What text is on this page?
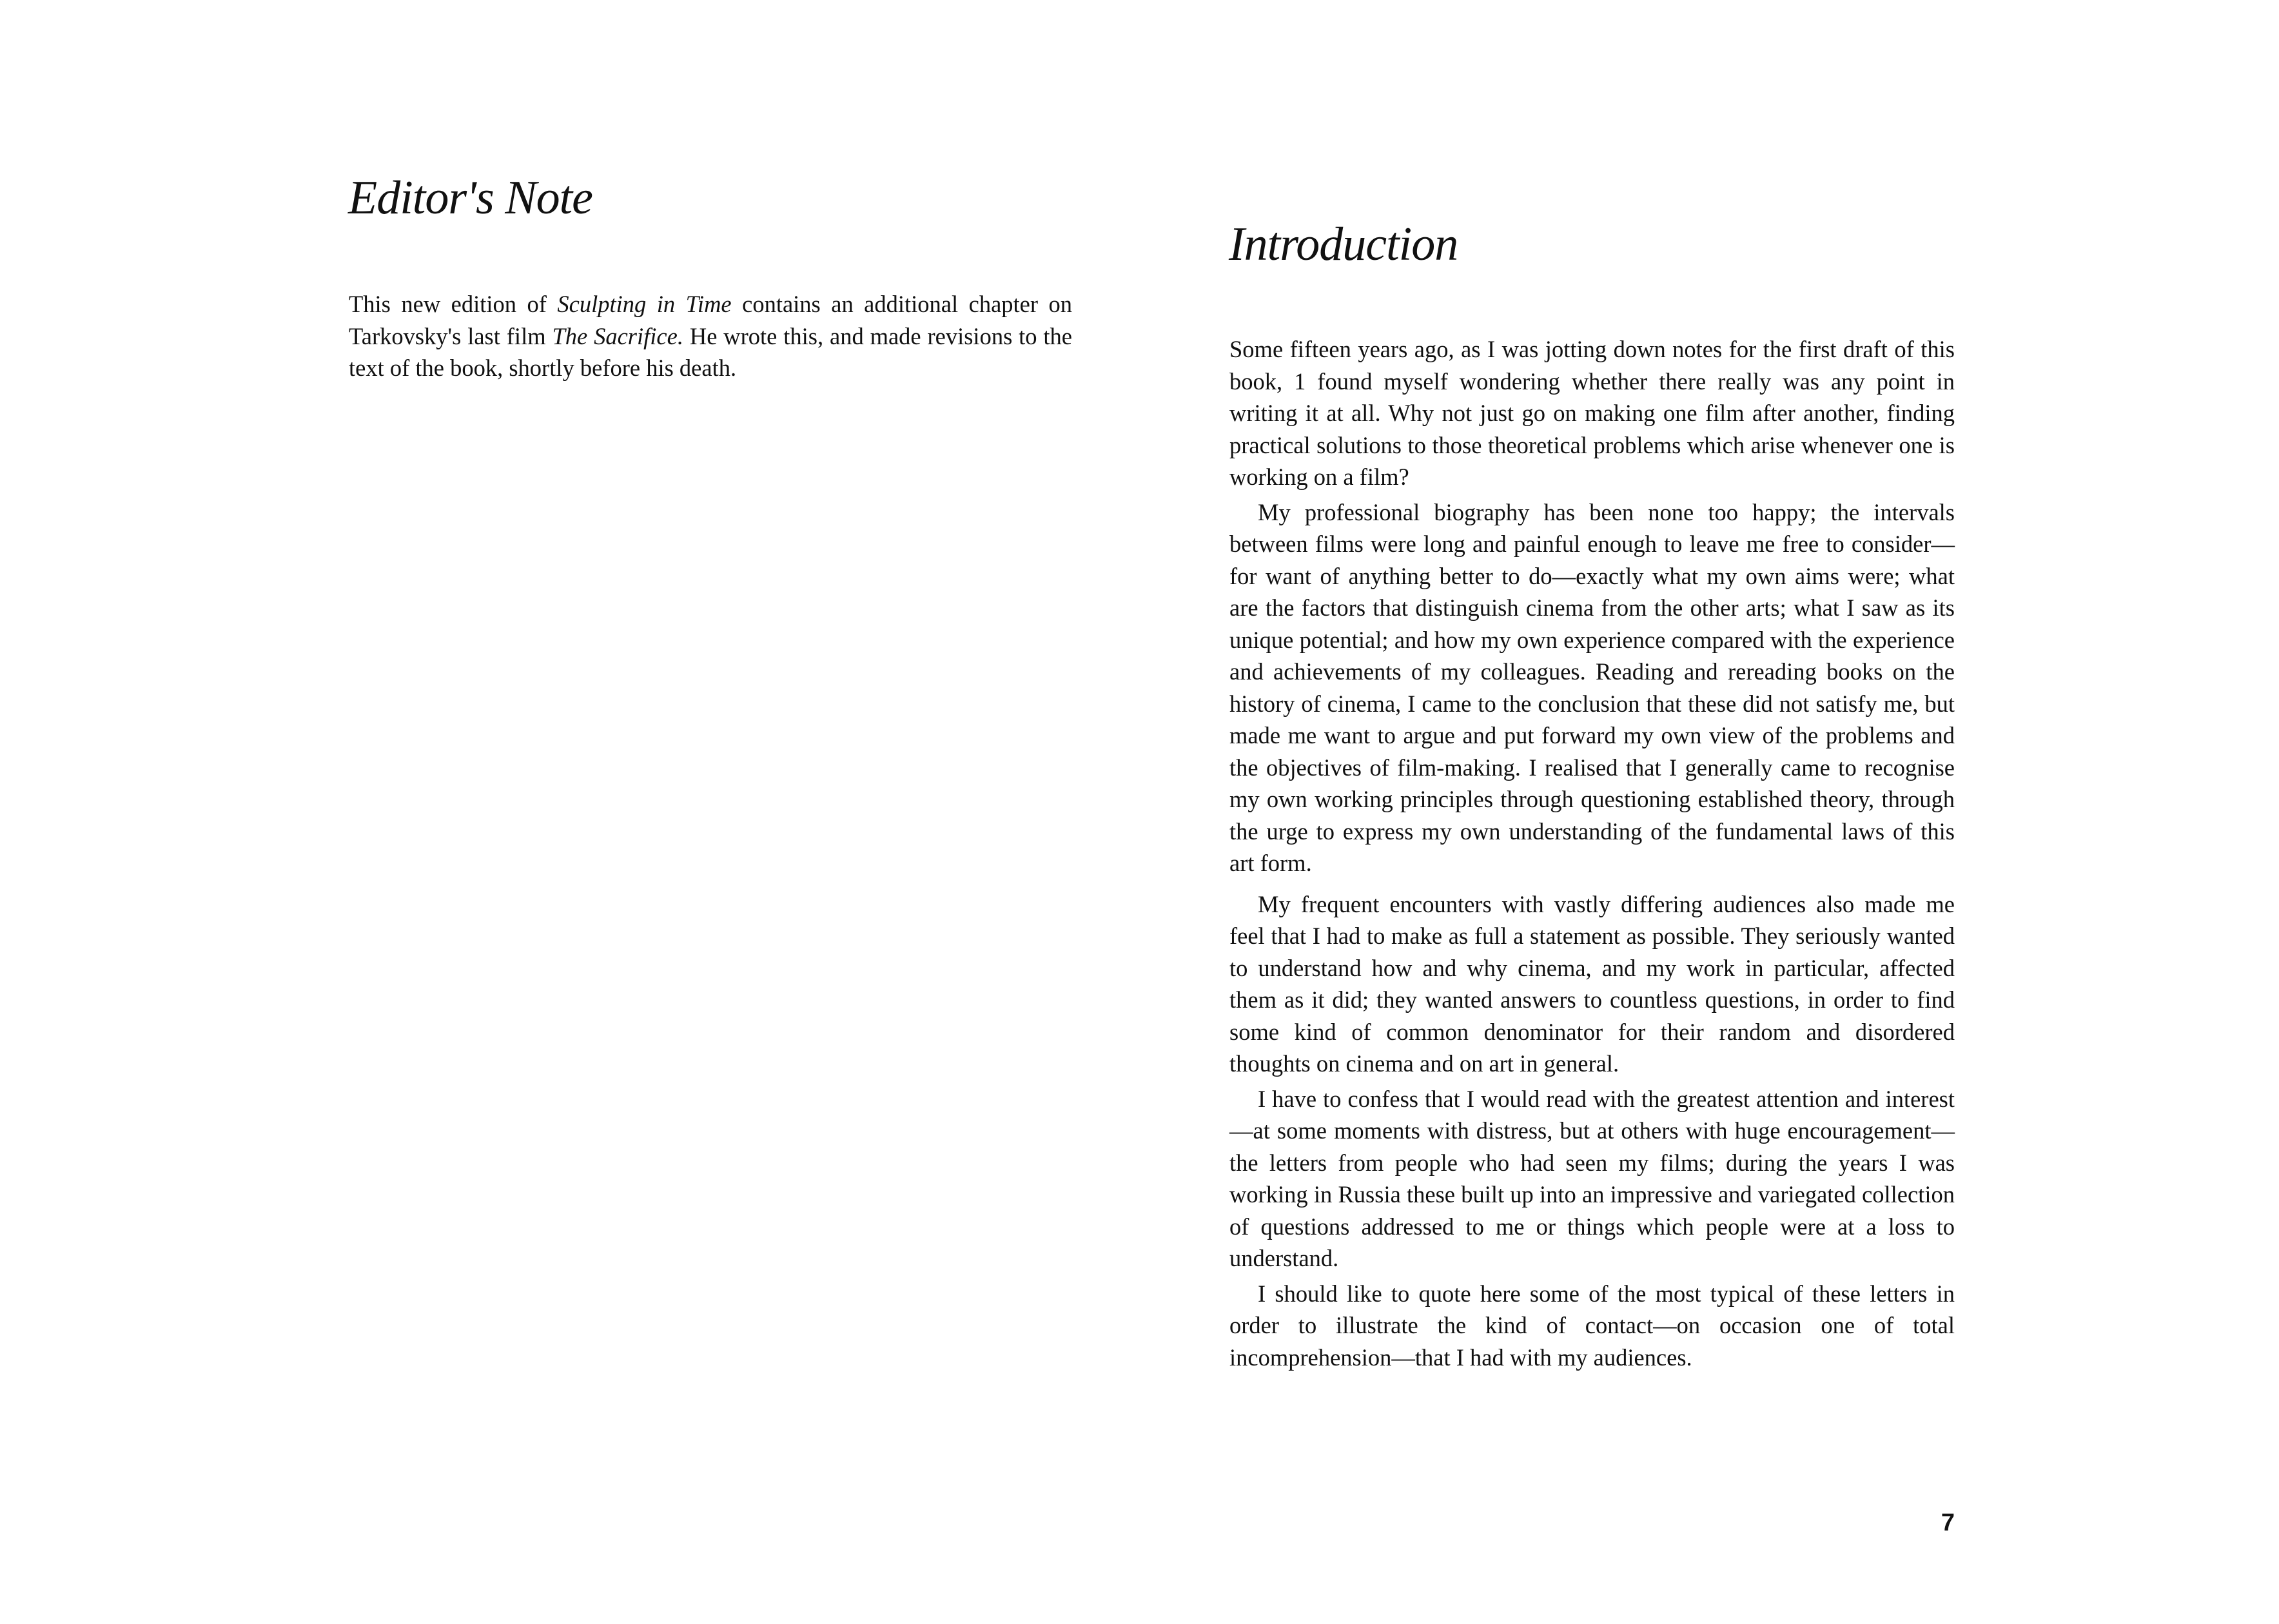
Editor's Note

This new edition of Sculpting in Time contains an additional chapter on Tarkovsky's last film The Sacrifice. He wrote this, and made revisions to the text of the book, shortly before his death.

Introduction

Some fifteen years ago, as I was jotting down notes for the first draft of this book, 1 found myself wondering whether there really was any point in writing it at all. Why not just go on making one film after another, finding practical solutions to those theoretical problems which arise whenever one is working on a film?

My professional biography has been none too happy; the intervals between films were long and painful enough to leave me free to consider—for want of anything better to do—exactly what my own aims were; what are the factors that distinguish cinema from the other arts; what I saw as its unique potential; and how my own experience compared with the experience and achievements of my colleagues. Reading and rereading books on the history of cinema, I came to the conclusion that these did not satisfy me, but made me want to argue and put forward my own view of the problems and the objectives of film-making. I realised that I generally came to recognise my own working principles through questioning established theory, through the urge to express my own understanding of the fundamental laws of this art form.

My frequent encounters with vastly differing audiences also made me feel that I had to make as full a statement as possible. They seriously wanted to understand how and why cinema, and my work in particular, affected them as it did; they wanted answers to countless questions, in order to find some kind of common denominator for their random and disordered thoughts on cinema and on art in general.

I have to confess that I would read with the greatest attention and interest—at some moments with distress, but at others with huge encouragement—the letters from people who had seen my films; during the years I was working in Russia these built up into an impressive and variegated collection of questions addressed to me or things which people were at a loss to understand.

I should like to quote here some of the most typical of these letters in order to illustrate the kind of contact—on occasion one of total incomprehension—that I had with my audiences.

7
